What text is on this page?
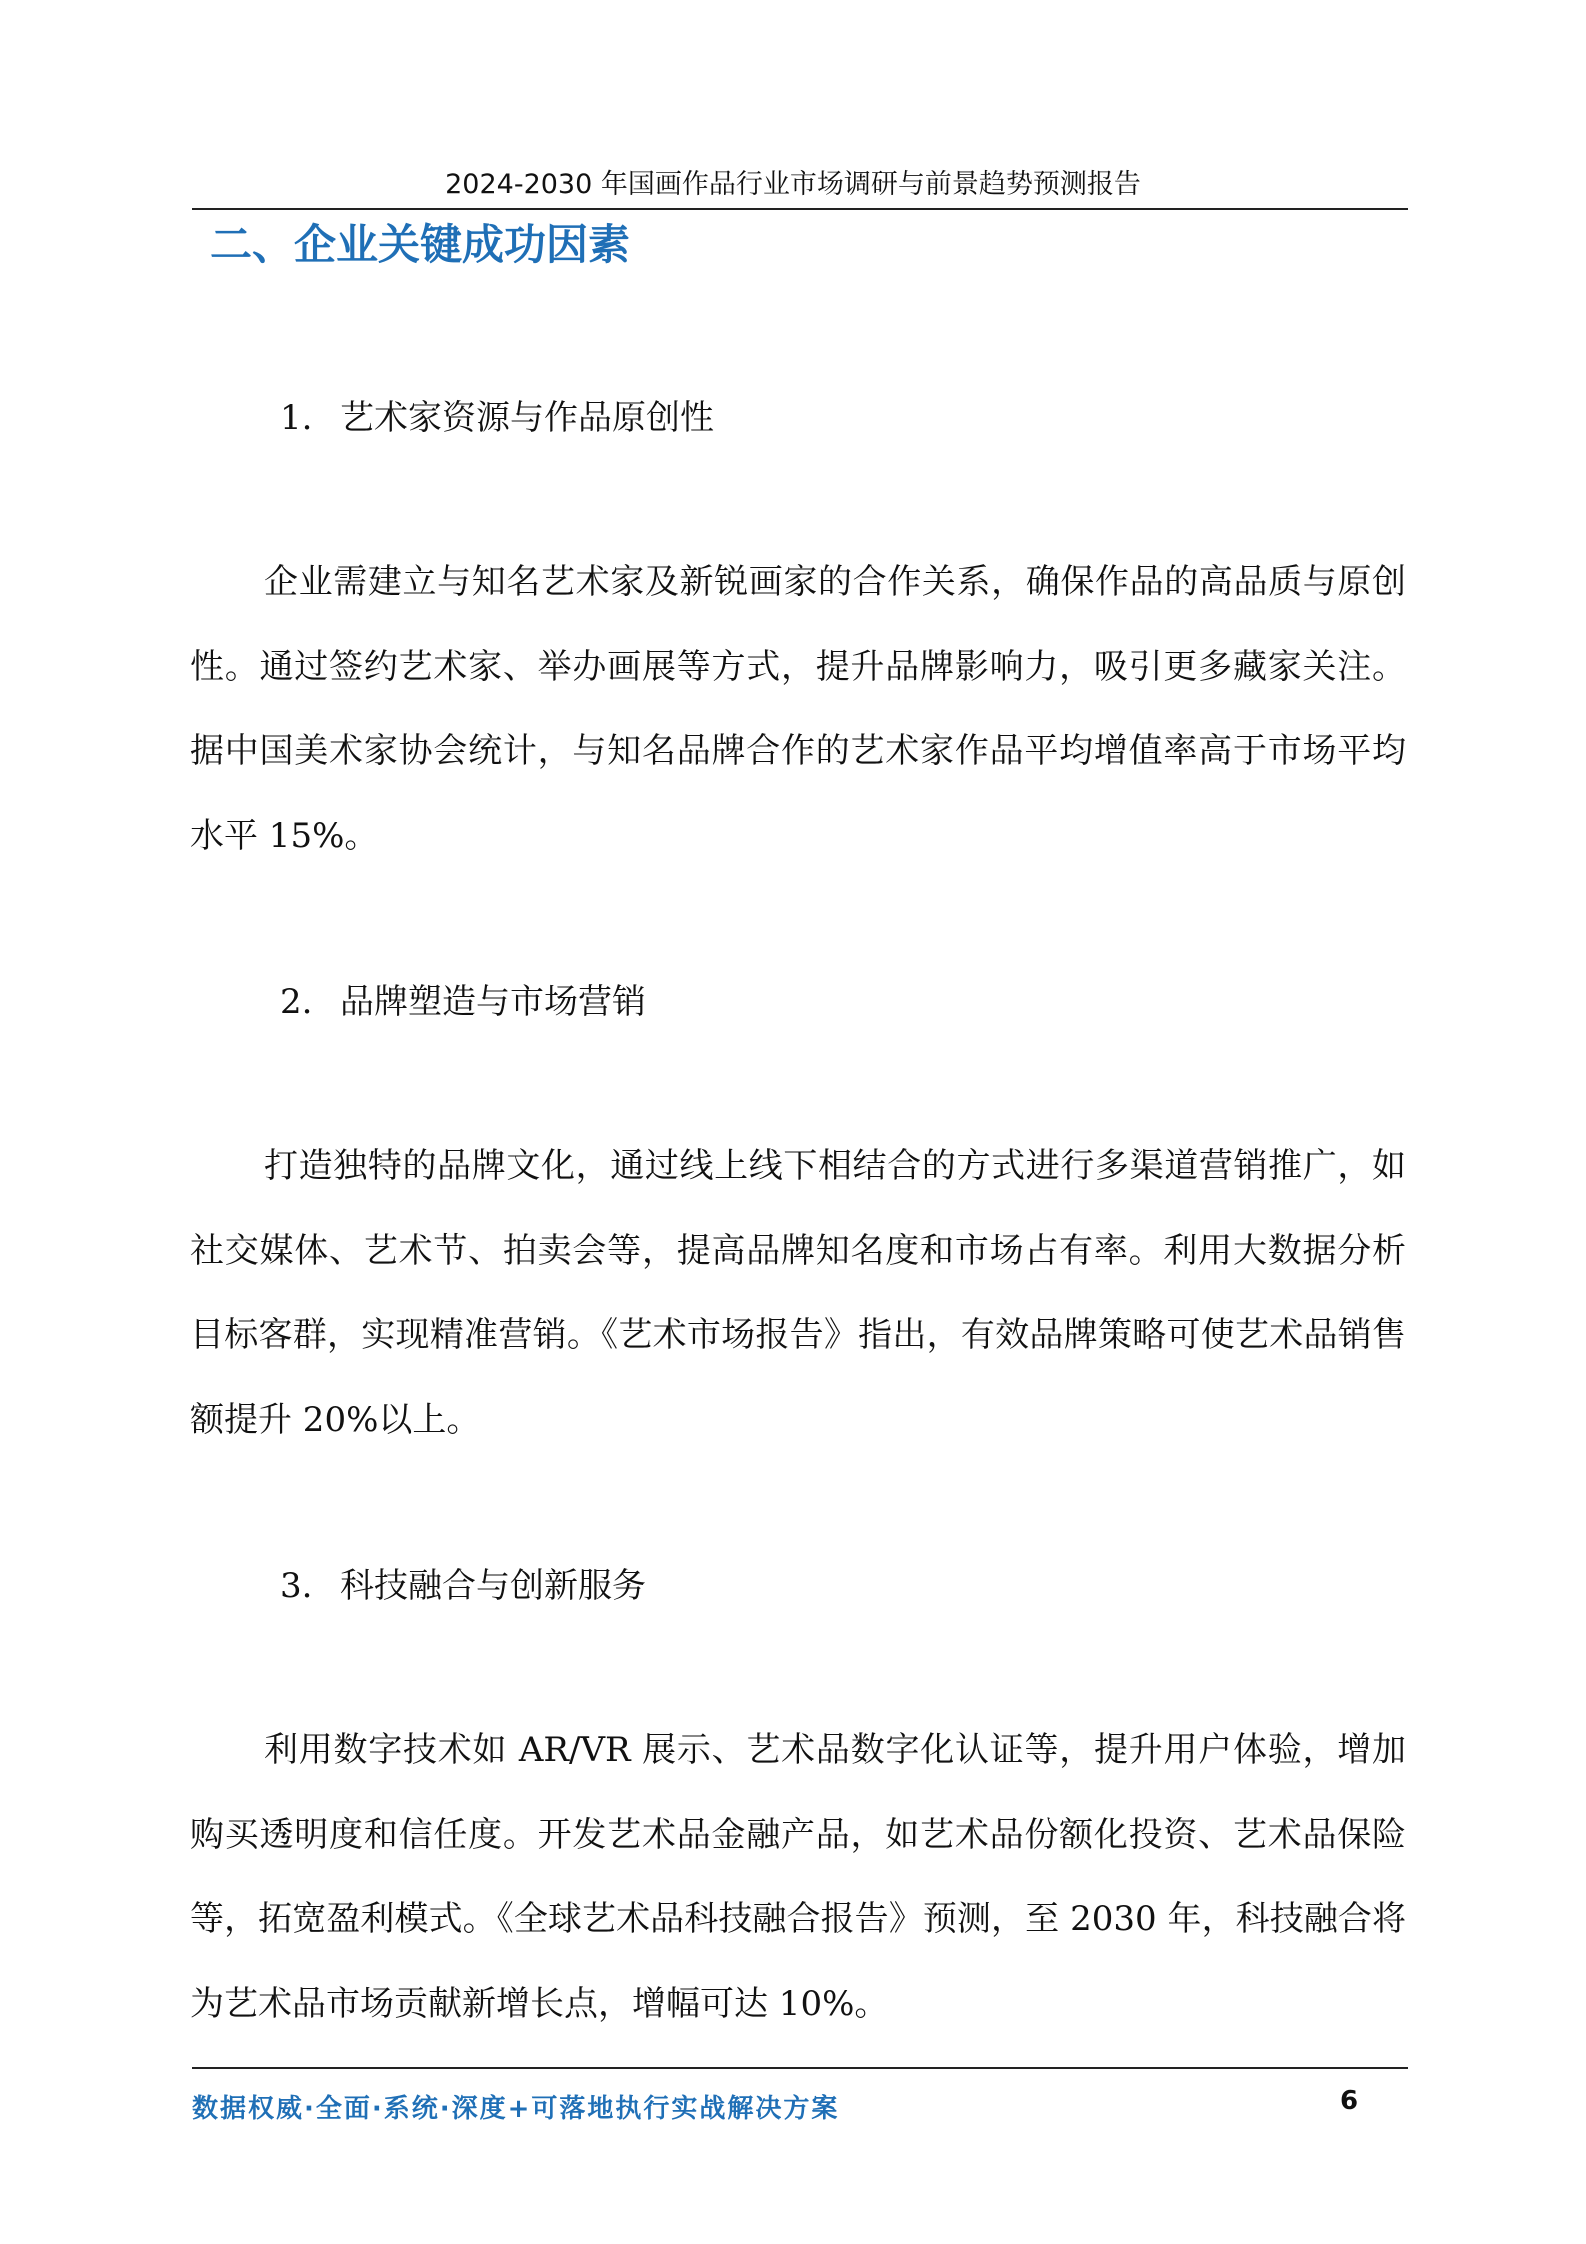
2024-2030 年国画作品行业市场调研与前景趋势预测报告
二、企业关键成功因素
1. 艺术家资源与作品原创性

企业需建立与知名艺术家及新锐画家的合作关系，确保作品的高品质与原创性。通过签约艺术家、举办画展等方式，提升品牌影响力，吸引更多藏家关注。据中国美术家协会统计，与知名品牌合作的艺术家作品平均增值率高于市场平均水平 15%。

2. 品牌塑造与市场营销

打造独特的品牌文化，通过线上线下相结合的方式进行多渠道营销推广，如社交媒体、艺术节、拍卖会等，提高品牌知名度和市场占有率。利用大数据分析目标客群，实现精准营销。《艺术市场报告》指出，有效品牌策略可使艺术品销售额提升 20%以上。

3. 科技融合与创新服务

利用数字技术如 AR/VR 展示、艺术品数字化认证等，提升用户体验，增加购买透明度和信任度。开发艺术品金融产品，如艺术品份额化投资、艺术品保险等，拓宽盈利模式。《全球艺术品科技融合报告》预测，至 2030 年，科技融合将为艺术品市场贡献新增长点，增幅可达 10%。

数据权威·全面·系统·深度+可落地执行实战解决方案	6
